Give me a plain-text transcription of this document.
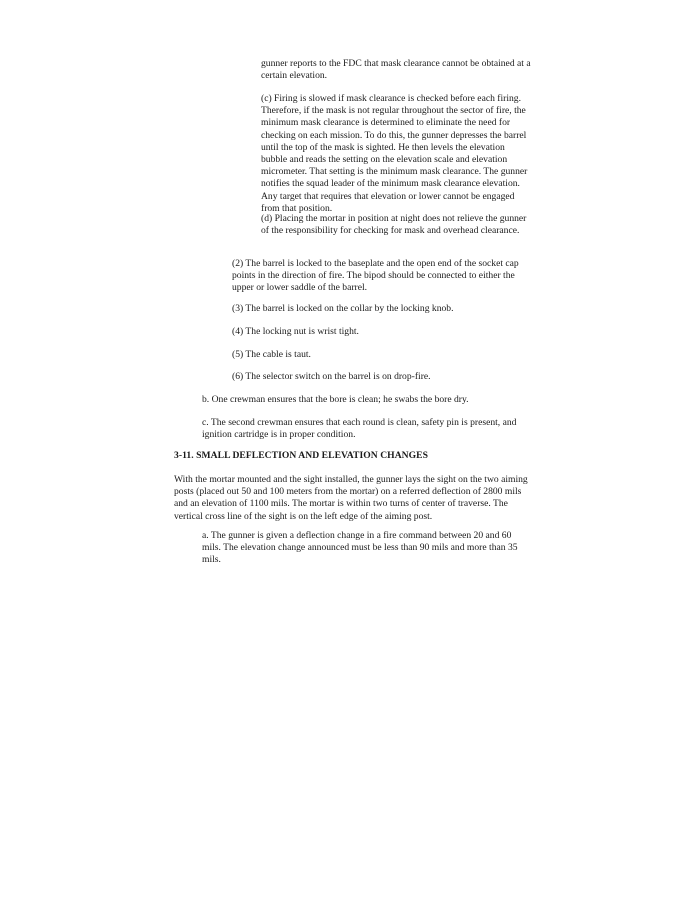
gunner reports to the FDC that mask clearance cannot be obtained at a certain elevation.

(c) Firing is slowed if mask clearance is checked before each firing. Therefore, if the mask is not regular throughout the sector of fire, the minimum mask clearance is determined to eliminate the need for checking on each mission. To do this, the gunner depresses the barrel until the top of the mask is sighted. He then levels the elevation bubble and reads the setting on the elevation scale and elevation micrometer. That setting is the minimum mask clearance. The gunner notifies the squad leader of the minimum mask clearance elevation. Any target that requires that elevation or lower cannot be engaged from that position.

(d) Placing the mortar in position at night does not relieve the gunner of the responsibility for checking for mask and overhead clearance.

(2) The barrel is locked to the baseplate and the open end of the socket cap points in the direction of fire. The bipod should be connected to either the upper or lower saddle of the barrel.

(3) The barrel is locked on the collar by the locking knob.

(4) The locking nut is wrist tight.

(5) The cable is taut.

(6) The selector switch on the barrel is on drop-fire.

b. One crewman ensures that the bore is clean; he swabs the bore dry.

c. The second crewman ensures that each round is clean, safety pin is present, and ignition cartridge is in proper condition.

3-11. SMALL DEFLECTION AND ELEVATION CHANGES

With the mortar mounted and the sight installed, the gunner lays the sight on the two aiming posts (placed out 50 and 100 meters from the mortar) on a referred deflection of 2800 mils and an elevation of 1100 mils. The mortar is within two turns of center of traverse. The vertical cross line of the sight is on the left edge of the aiming post.

a. The gunner is given a deflection change in a fire command between 20 and 60 mils. The elevation change announced must be less than 90 mils and more than 35 mils.
